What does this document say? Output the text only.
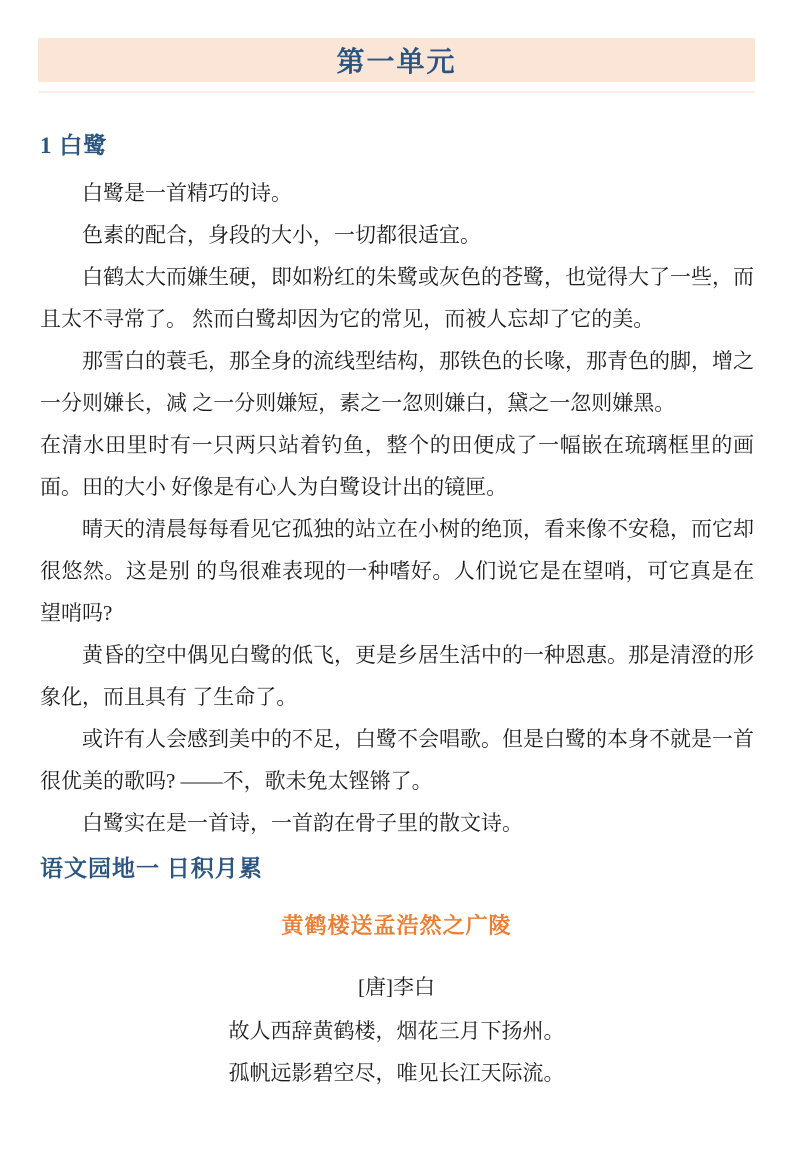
第一单元
1 白鹭

白鹭是一首精巧的诗。

色素的配合，身段的大小，一切都很适宜。

白鹤太大而嫌生硬，即如粉红的朱鹭或灰色的苍鹭，也觉得大了一些，而且太不寻常了。 然而白鹭却因为它的常见，而被人忘却了它的美。

那雪白的蓑毛，那全身的流线型结构，那铁色的长喙，那青色的脚，增之一分则嫌长，减 之一分则嫌短，素之一忽则嫌白，黛之一忽则嫌黑。

在清水田里时有一只两只站着钓鱼，整个的田便成了一幅嵌在琉璃框里的画面。田的大小 好像是有心人为白鹭设计出的镜匣。

晴天的清晨每每看见它孤独的站立在小树的绝顶，看来像不安稳，而它却很悠然。这是别 的鸟很难表现的一种嗜好。人们说它是在望哨，可它真是在望哨吗?

黄昏的空中偶见白鹭的低飞，更是乡居生活中的一种恩惠。那是清澄的形象化，而且具有 了生命了。

或许有人会感到美中的不足，白鹭不会唱歌。但是白鹭的本身不就是一首很优美的歌吗? ——不，歌未免太铿锵了。

白鹭实在是一首诗，一首韵在骨子里的散文诗。

语文园地一 日积月累
黄鹤楼送孟浩然之广陵
[唐]李白
故人西辞黄鹤楼，烟花三月下扬州。
孤帆远影碧空尽，唯见长江天际流。
